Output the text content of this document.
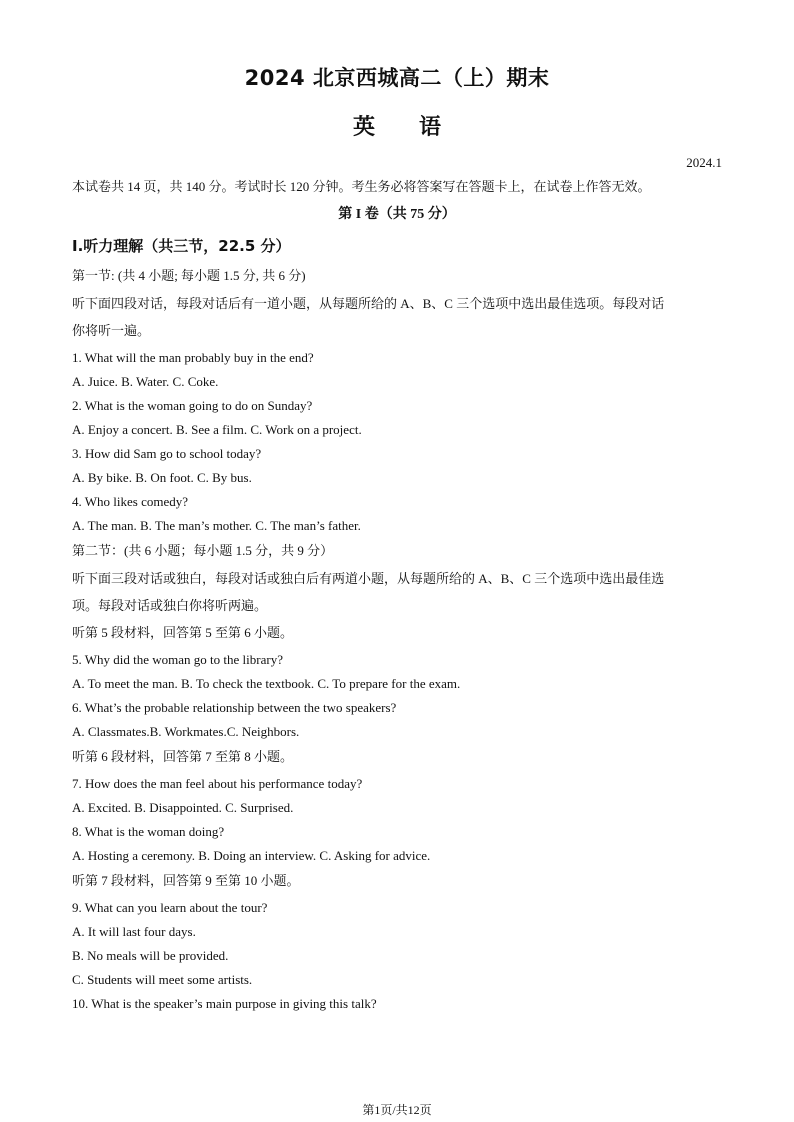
2024 北京西城高二（上）期末
英语
2024.1
本试卷共 14 页，共 140 分。考试时长 120 分钟。考生务必将答案写在答题卡上，在试卷上作答无效。
第 I 卷（共 75 分）
Ⅰ.听力理解（共三节，22.5 分）
第一节: (共 4 小题; 每小题 1.5 分, 共 6 分)
听下面四段对话，每段对话后有一道小题，从每题所给的 A、B、C 三个选项中选出最佳选项。每段对话
你将听一遍。
1. What will the man probably buy in the end?
A. Juice. B. Water. C. Coke.
2. What is the woman going to do on Sunday?
A. Enjoy a concert. B. See a film. C. Work on a project.
3. How did Sam go to school today?
A. By bike. B. On foot. C. By bus.
4. Who likes comedy?
A. The man. B. The man’s mother. C. The man’s father.
第二节：(共 6 小题；每小题 1.5 分，共 9 分）
听下面三段对话或独白，每段对话或独白后有两道小题，从每题所给的 A、B、C 三个选项中选出最佳选
项。每段对话或独白你将听两遍。
听第 5 段材料，回答第 5 至第 6 小题。
5. Why did the woman go to the library?
A. To meet the man. B. To check the textbook. C. To prepare for the exam.
6. What’s the probable relationship between the two speakers?
A. Classmates.B. Workmates.C. Neighbors.
听第 6 段材料，回答第 7 至第 8 小题。
7. How does the man feel about his performance today?
A. Excited. B. Disappointed. C. Surprised.
8. What is the woman doing?
A. Hosting a ceremony. B. Doing an interview. C. Asking for advice.
听第 7 段材料，回答第 9 至第 10 小题。
9. What can you learn about the tour?
A. It will last four days.
B. No meals will be provided.
C. Students will meet some artists.
10. What is the speaker’s main purpose in giving this talk?
第1页/共12页
